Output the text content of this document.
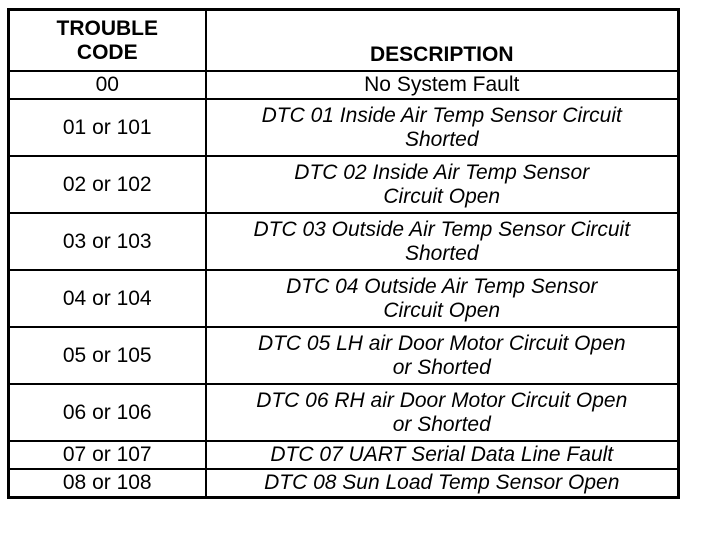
TROUBLE
CODE	DESCRIPTION
00	No System Fault
01 or 101	DTC 01 Inside Air Temp Sensor Circuit
Shorted

02 or 102	DTC 02 Inside Air Temp Sensor
Circuit Open

03 or 103	DTC 03 Outside Air Temp Sensor Circuit
Shorted

04 or 104	DTC 04 Outside Air Temp Sensor
Circuit Open

05 or 105	DTC 05 LH air Door Motor Circuit Open
or Shorted

06 or 106	DTC 06 RH air Door Motor Circuit Open
or Shorted

07 or 107	DTC 07 UART Serial Data Line Fault
08 or 108	DTC 08 Sun Load Temp Sensor Open
